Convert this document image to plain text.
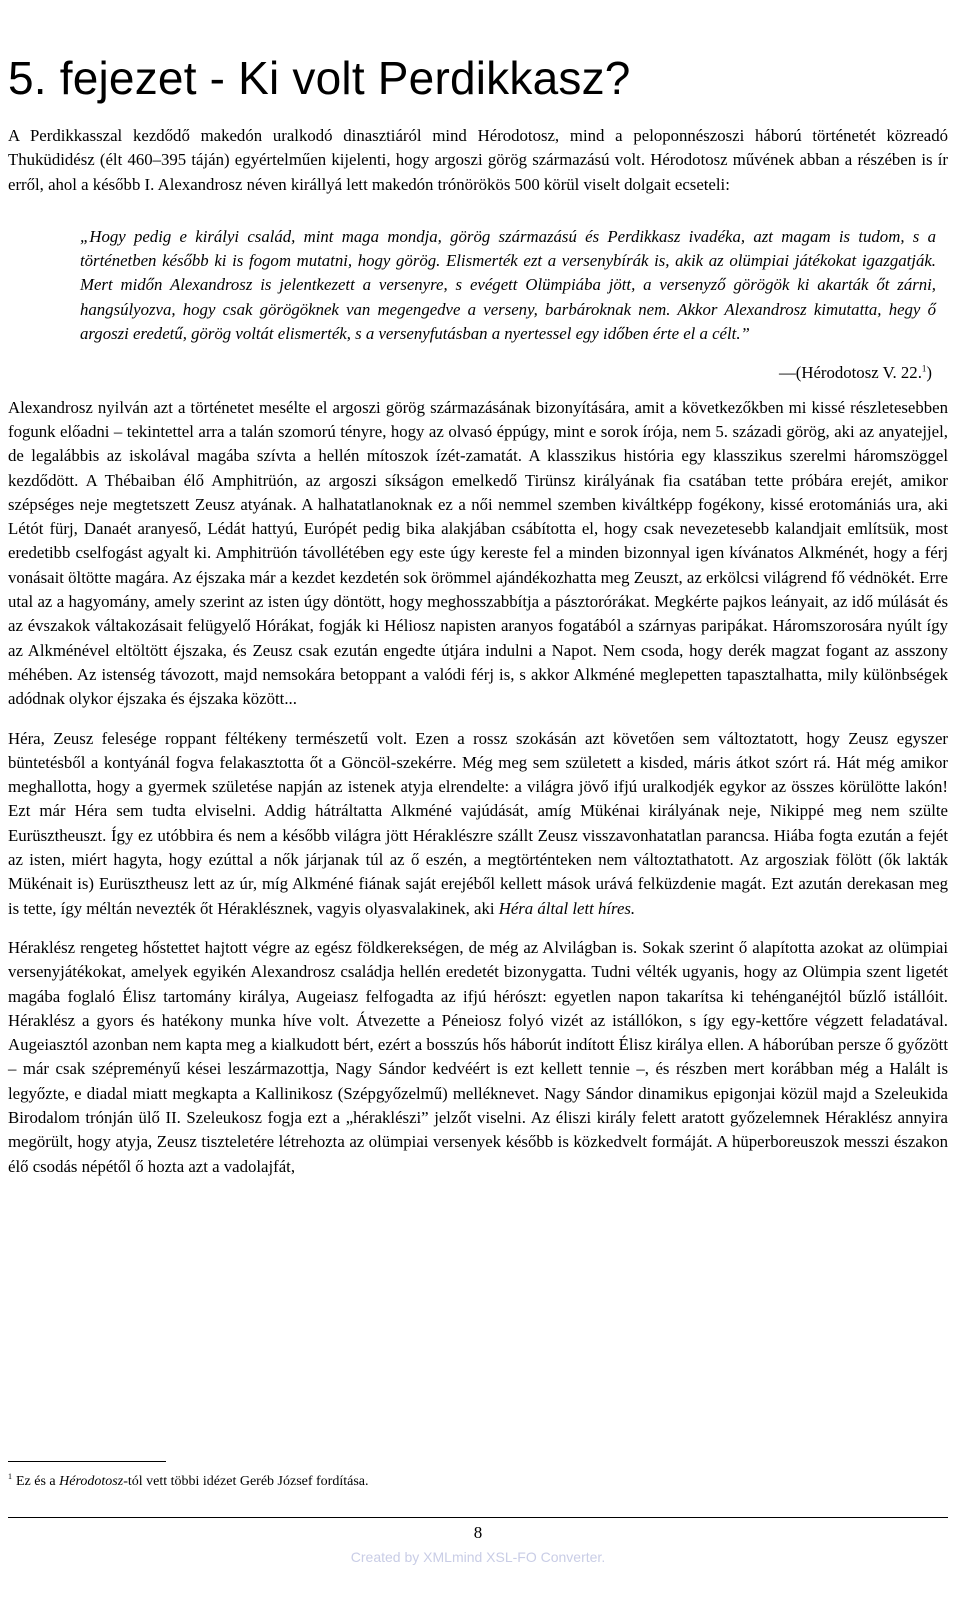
5. fejezet - Ki volt Perdikkasz?

A Perdikkasszal kezdődő makedón uralkodó dinasztiáról mind Hérodotosz, mind a peloponnészoszi háború történetét közreadó Thuküdidész (élt 460–395 táján) egyértelműen kijelenti, hogy argoszi görög származású volt. Hérodotosz művének abban a részében is ír erről, ahol a később I. Alexandrosz néven királlyá lett makedón trónörökös 500 körül viselt dolgait ecseteli:

„Hogy pedig e királyi család, mint maga mondja, görög származású és Perdikkasz ivadéka, azt magam is tudom, s a történetben később ki is fogom mutatni, hogy görög. Elismerték ezt a versenybírák is, akik az olümpiai játékokat igazgatják. Mert midőn Alexandrosz is jelentkezett a versenyre, s evégett Olümpiába jött, a versenyző görögök ki akarták őt zárni, hangsúlyozva, hogy csak görögöknek van megengedve a verseny, barbároknak nem. Akkor Alexandrosz kimutatta, hegy ő argoszi eredetű, görög voltát elismerték, s a versenyfutásban a nyertessel egy időben érte el a célt.”

—(Hérodotosz V. 22.$^1$)

Alexandrosz nyilván azt a történetet mesélte el argoszi görög származásának bizonyítására, amit a következőkben mi kissé részletesebben fogunk előadni – tekintettel arra a talán szomorú tényre, hogy az olvasó éppúgy, mint e sorok írója, nem 5. századi görög, aki az anyatejjel, de legalábbis az iskolával magába szívta a hellén mítoszok ízét-zamatát. A klasszikus história egy klasszikus szerelmi háromszöggel kezdődött. A Thébaiban élő Amphitrüón, az argoszi síkságon emelkedő Tirünsz királyának fia csatában tette próbára erejét, amikor szépséges neje megtetszett Zeusz atyának. A halhatatlanoknak ez a női nemmel szemben kiváltképp fogékony, kissé erotomániás ura, aki Létót fürj, Danaét aranyeső, Lédát hattyú, Európét pedig bika alakjában csábította el, hogy csak nevezetesebb kalandjait említsük, most eredetibb cselfogást agyalt ki. Amphitrüón távollétében egy este úgy kereste fel a minden bizonnyal igen kívánatos Alkménét, hogy a férj vonásait öltötte magára. Az éjszaka már a kezdet kezdetén sok örömmel ajándékozhatta meg Zeuszt, az erkölcsi világrend fő védnökét. Erre utal az a hagyomány, amely szerint az isten úgy döntött, hogy meghosszabbítja a pásztorórákat. Megkérte pajkos leányait, az idő múlását és az évszakok váltakozásait felügyelő Hórákat, fogják ki Héliosz napisten aranyos fogatából a szárnyas paripákat. Háromszorosára nyúlt így az Alkménével eltöltött éjszaka, és Zeusz csak ezután engedte útjára indulni a Napot. Nem csoda, hogy derék magzat fogant az asszony méhében. Az istenség távozott, majd nemsokára betoppant a valódi férj is, s akkor Alkméné meglepetten tapasztalhatta, mily különbségek adódnak olykor éjszaka és éjszaka között...

Héra, Zeusz felesége roppant féltékeny természetű volt. Ezen a rossz szokásán azt követően sem változtatott, hogy Zeusz egyszer büntetésből a kontyánál fogva felakasztotta őt a Göncöl-szekérre. Még meg sem született a kisded, máris átkot szórt rá. Hát még amikor meghallotta, hogy a gyermek születése napján az istenek atyja elrendelte: a világra jövő ifjú uralkodjék egykor az összes körülötte lakón! Ezt már Héra sem tudta elviselni. Addig hátráltatta Alkméné vajúdását, amíg Mükénai királyának neje, Nikippé meg nem szülte Eurüsztheuszt. Így ez utóbbira és nem a később világra jött Héraklészre szállt Zeusz visszavonhatatlan parancsa. Hiába fogta ezután a fejét az isten, miért hagyta, hogy ezúttal a nők járjanak túl az ő eszén, a megtörténteken nem változtathatott. Az argosziak fölött (ők lakták Mükénait is) Eurüsztheusz lett az úr, míg Alkméné fiának saját erejéből kellett mások urává felküzdenie magát. Ezt azután derekasan meg is tette, így méltán nevezték őt Héraklésznek, vagyis olyasvalakinek, aki Héra által lett híres.

Héraklész rengeteg hőstettet hajtott végre az egész földkerekségen, de még az Alvilágban is. Sokak szerint ő alapította azokat az olümpiai versenyjátékokat, amelyek egyikén Alexandrosz családja hellén eredetét bizonygatta. Tudni vélték ugyanis, hogy az Olümpia szent ligetét magába foglaló Élisz tartomány királya, Augeiasz felfogadta az ifjú hérószt: egyetlen napon takarítsa ki tehénganéjtól bűzlő istállóit. Héraklész a gyors és hatékony munka híve volt. Átvezette a Péneiosz folyó vizét az istállókon, s így egy-kettőre végzett feladatával. Augeiasztól azonban nem kapta meg a kialkudott bért, ezért a bosszús hős háborút indított Élisz királya ellen. A háborúban persze ő győzött – már csak szépreményű kései leszármazottja, Nagy Sándor kedvéért is ezt kellett tennie –, és részben mert korábban még a Halált is legyőzte, e diadal miatt megkapta a Kallinikosz (Szépgyőzelmű) melléknevet. Nagy Sándor dinamikus epigonjai közül majd a Szeleukida Birodalom trónján ülő II. Szeleukosz fogja ezt a „héraklészi” jelzőt viselni. Az éliszi király felett aratott győzelemnek Héraklész annyira megörült, hogy atyja, Zeusz tiszteletére létrehozta az olümpiai versenyek később is közkedvelt formáját. A hüperboreuszok messzi északon élő csodás népétől ő hozta azt a vadolajfát,

$^1$ Ez és a Hérodotosz-tól vett többi idézet Geréb József fordítása.
8
Created by XMLmind XSL-FO Converter.
